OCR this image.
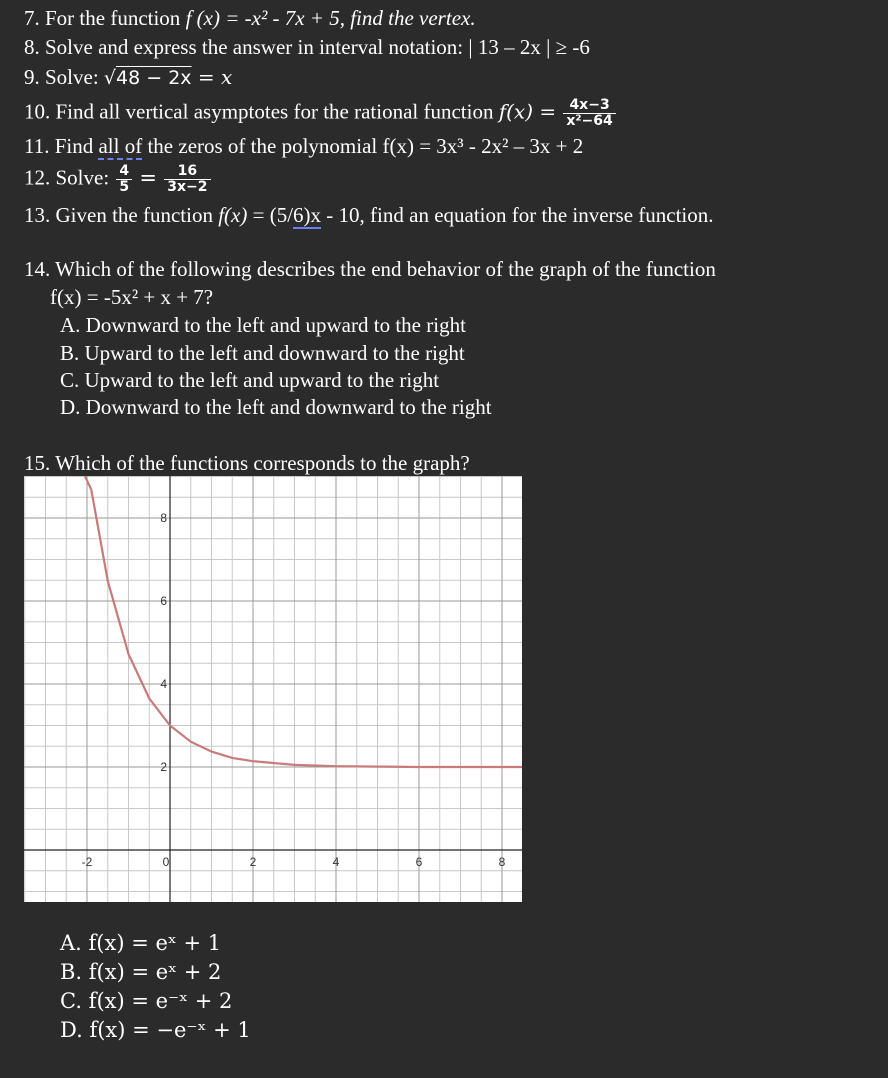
7. For the function f (x) = -x² - 7x + 5, find the vertex.
8. Solve and express the answer in interval notation: | 13 – 2x | ≥ -6
9. Solve: √48 − 2x = x
10. Find all vertical asymptotes for the rational function $f(x) = \frac{4x-3}{\text{x²−64}}$
11. Find all of the zeros of the polynomial f(x) = 3x³ - 2x² – 3x + 2
12. Solve: $\frac{4}{5} = \frac{16}{3x-2}$
13. Given the function f(x) = (5/6)x - 10, find an equation for the inverse function.
14. Which of the following describes the end behavior of the graph of the function
f(x) = -5x² + x + 7?
A. Downward to the left and upward to the right
B. Upward to the left and downward to the right
C. Upward to the left and upward to the right
D. Downward to the left and downward to the right
15. Which of the functions corresponds to the graph?
-2	0	2	4	6	8
2
4
6
8
A. f(x) = eˣ + 1
B. f(x) = eˣ + 2
C. f(x) = e⁻ˣ + 2
D. f(x) = −e⁻ˣ + 1
